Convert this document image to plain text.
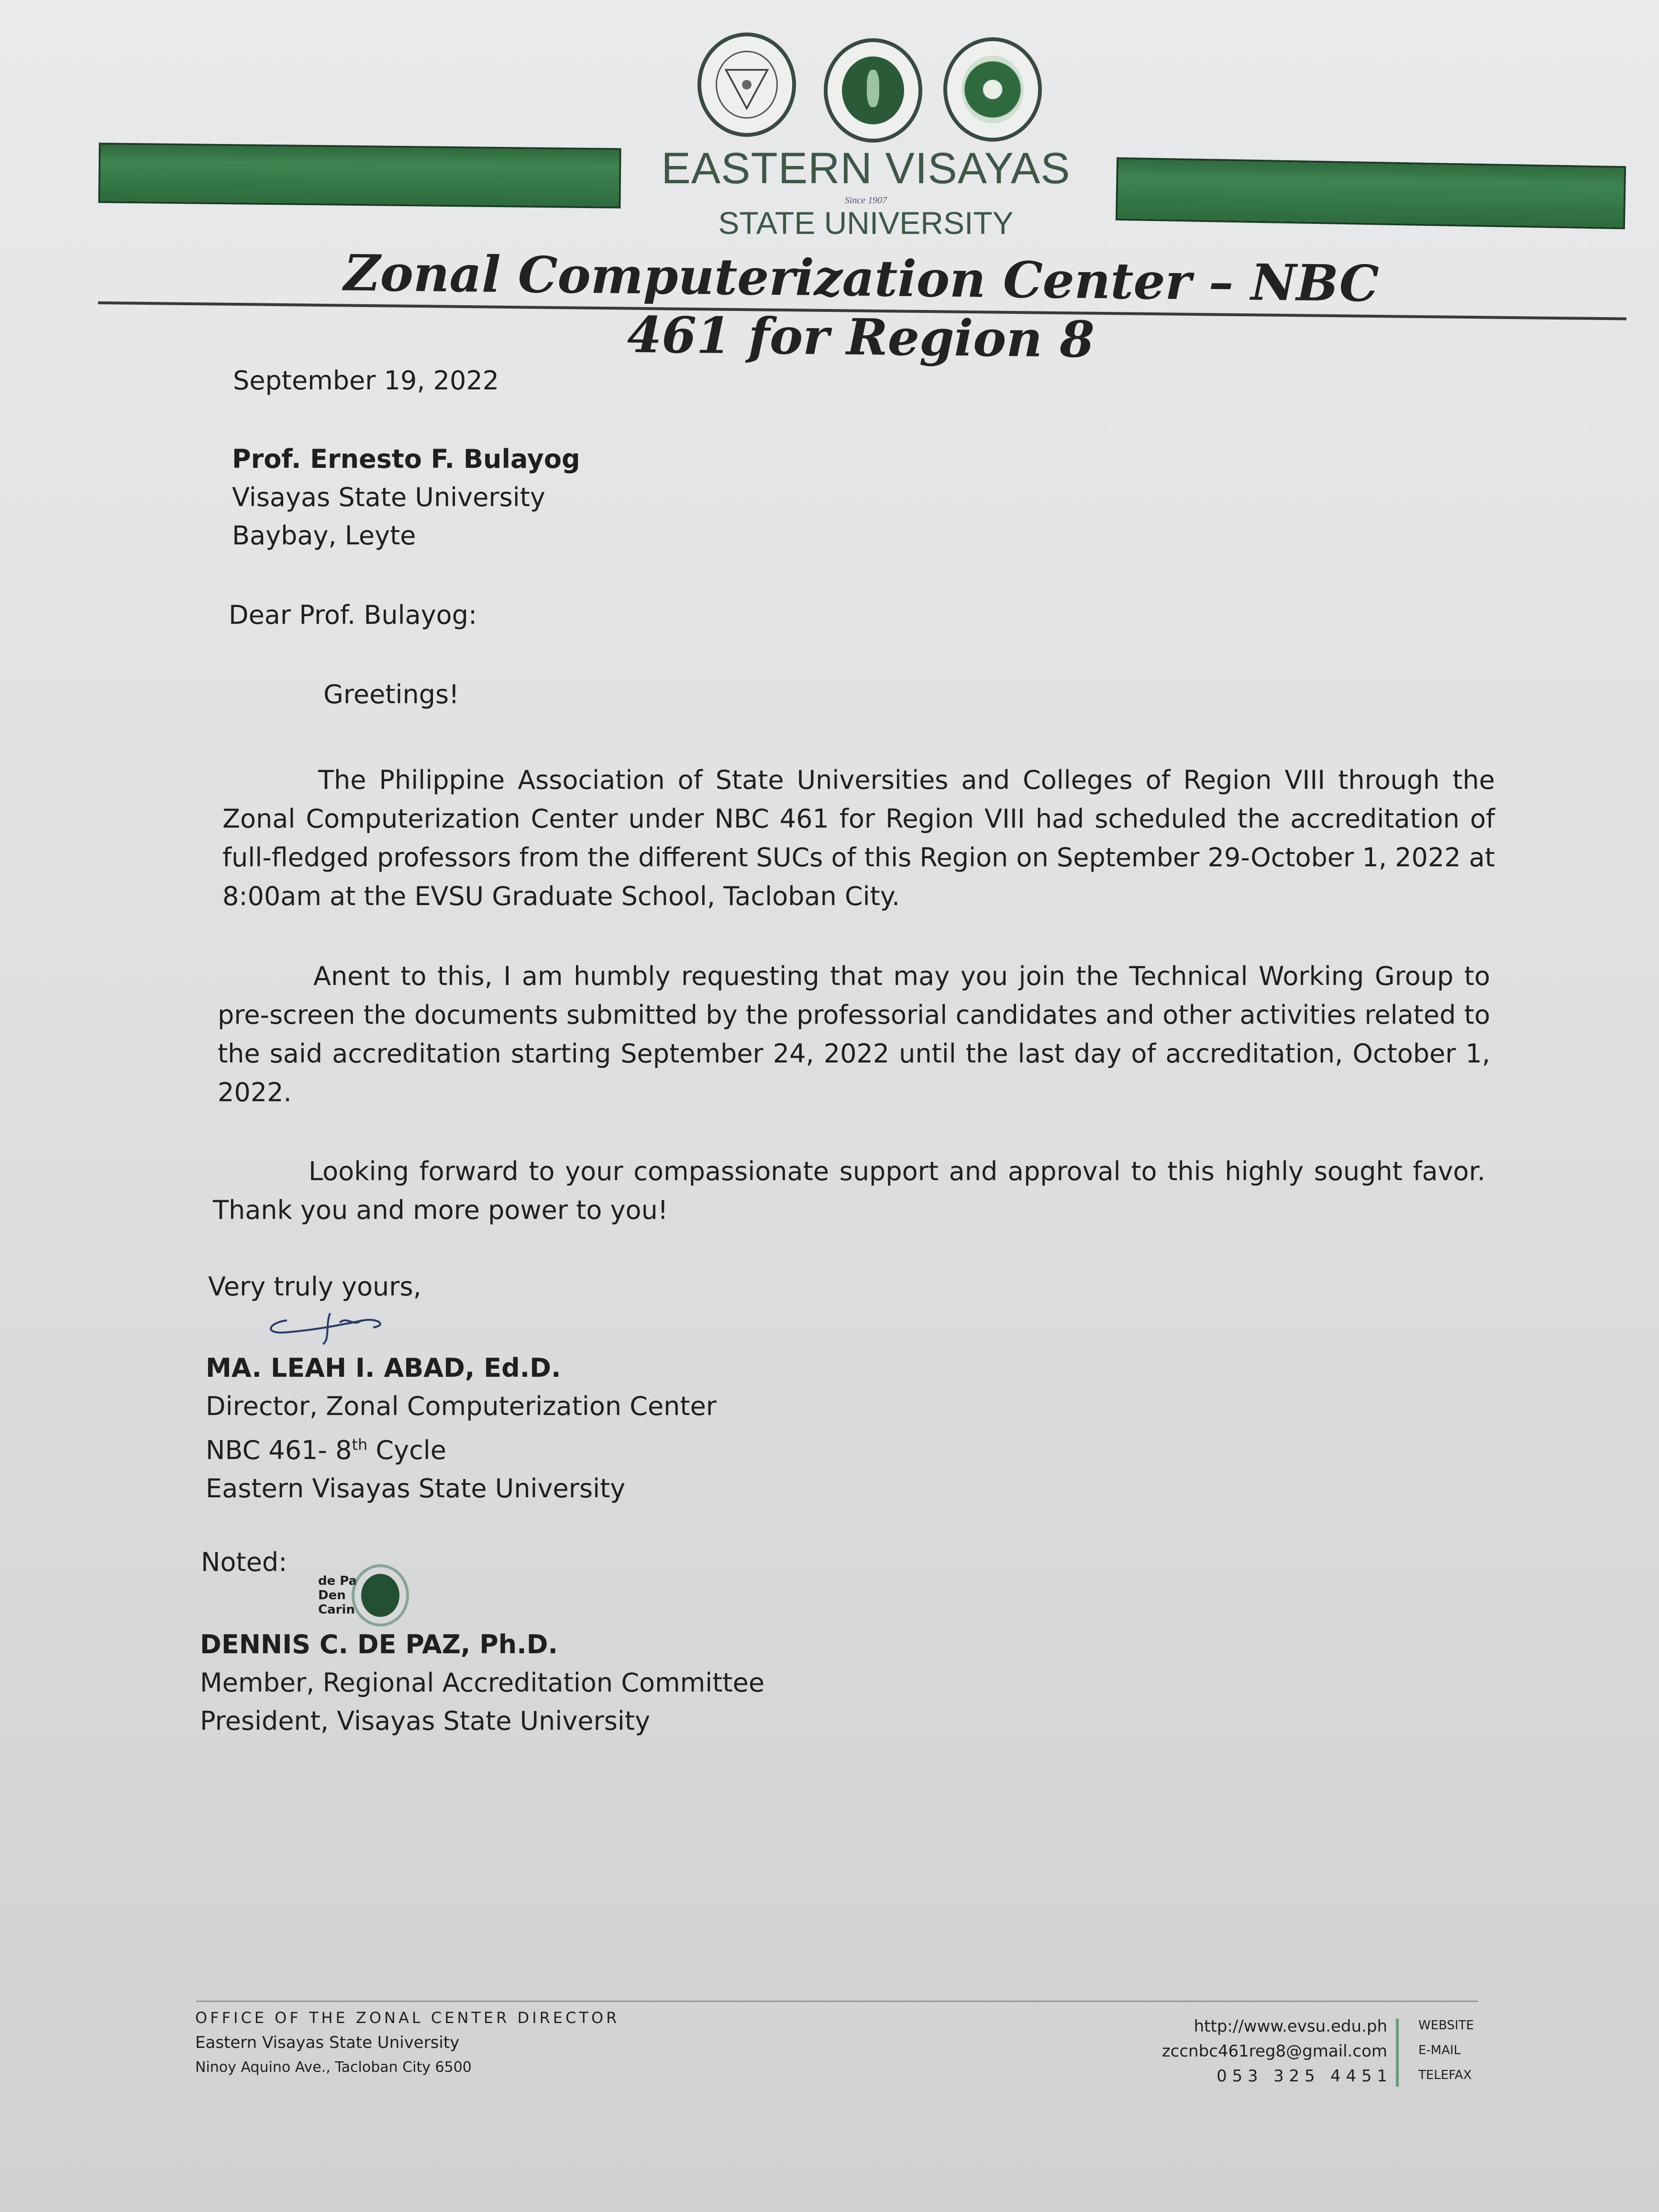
EASTERN VISAYAS
Since 1907
STATE UNIVERSITY
Zonal Computerization Center – NBC 461 for Region 8
September 19, 2022
Prof. Ernesto F. Bulayog
Visayas State University
Baybay, Leyte
Dear Prof. Bulayog:
Greetings!
The Philippine Association of State Universities and Colleges of Region VIII through the Zonal Computerization Center under NBC 461 for Region VIII had scheduled the accreditation of full-fledged professors from the different SUCs of this Region on September 29-October 1, 2022 at 8:00am at the EVSU Graduate School, Tacloban City.
Anent to this, I am humbly requesting that may you join the Technical Working Group to pre-screen the documents submitted by the professorial candidates and other activities related to the said accreditation starting September 24, 2022 until the last day of accreditation, October 1, 2022.
Looking forward to your compassionate support and approval to this highly sought favor. Thank you and more power to you!
Very truly yours,
MA. LEAH I. ABAD, Ed.D.
Director, Zonal Computerization Center
NBC 461- 8th Cycle
Eastern Visayas State University
Noted:
de Pa
Den
Carin
DENNIS C. DE PAZ, Ph.D.
Member, Regional Accreditation Committee
President, Visayas State University
OFFICE OF THE ZONAL CENTER DIRECTOR
Eastern Visayas State University
Ninoy Aquino Ave., Tacloban City 6500
http://www.evsu.edu.ph
zccnbc461reg8@gmail.com
0 5 3   3 2 5   4 4 5 1
WEBSITE
E-MAIL
TELEFAX
